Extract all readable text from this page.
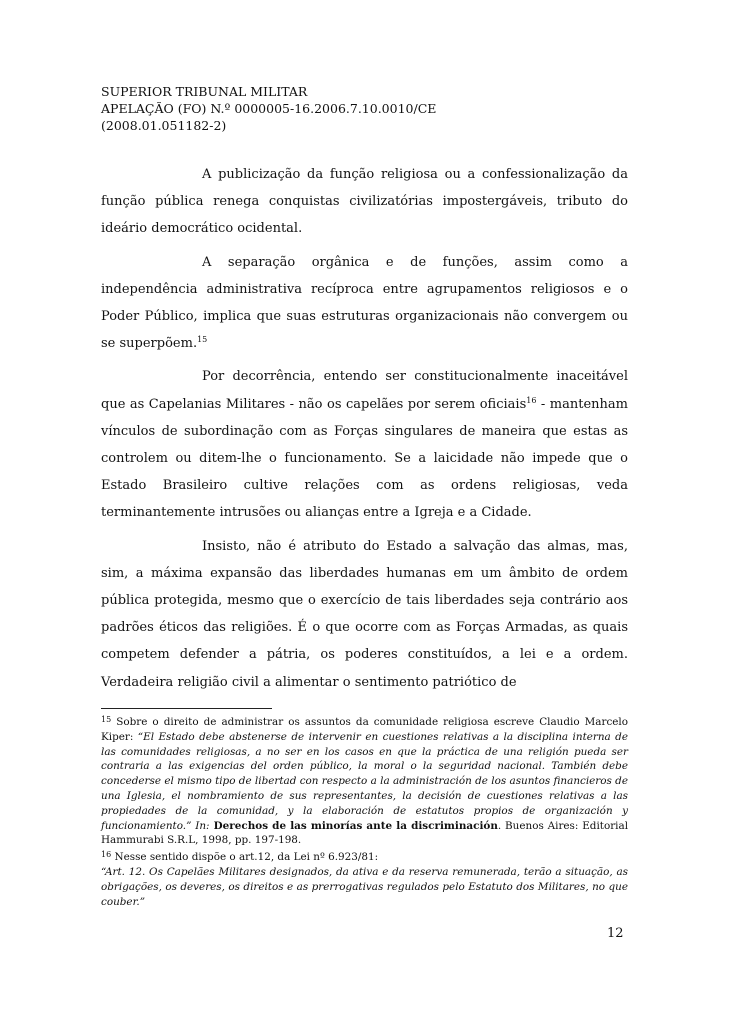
SUPERIOR TRIBUNAL MILITAR
APELAÇÃO (FO) N.º 0000005-16.2006.7.10.0010/CE
(2008.01.051182-2)

A publicização da função religiosa ou a confessionalização da função pública renega conquistas civilizatórias impostergáveis, tributo do ideário democrático ocidental.

A separação orgânica e de funções, assim como a independência administrativa recíproca entre agrupamentos religiosos e o Poder Público, implica que suas estruturas organizacionais não convergem ou se superpõem.$^{15}$

Por decorrência, entendo ser constitucionalmente inaceitável que as Capelanias Militares - não os capelães por serem oficiais$^{16}$ - mantenham vínculos de subordinação com as Forças singulares de maneira que estas as controlem ou ditem-lhe o funcionamento. Se a laicidade não impede que o Estado Brasileiro cultive relações com as ordens religiosas, veda terminantemente intrusões ou alianças entre a Igreja e a Cidade.

Insisto, não é atributo do Estado a salvação das almas, mas, sim, a máxima expansão das liberdades humanas em um âmbito de ordem pública protegida, mesmo que o exercício de tais liberdades seja contrário aos padrões éticos das religiões. É o que ocorre com as Forças Armadas, as quais competem defender a pátria, os poderes constituídos, a lei e a ordem. Verdadeira religião civil a alimentar o sentimento patriótico de

$^{15}$ Sobre o direito de administrar os assuntos da comunidade religiosa escreve Claudio Marcelo Kiper: “El Estado debe abstenerse de intervenir en cuestiones relativas a la disciplina interna de las comunidades religiosas, a no ser en los casos en que la práctica de una religión pueda ser contraria a las exigencias del orden público, la moral o la seguridad nacional. También debe concederse el mismo tipo de libertad con respecto a la administración de los asuntos financieros de una Iglesia, el nombramiento de sus representantes, la decisión de cuestiones relativas a las propiedades de la comunidad, y la elaboración de estatutos propios de organización y funcionamiento.” In: Derechos de las minorías ante la discriminación. Buenos Aires: Editorial Hammurabi S.R.L, 1998, pp. 197-198.

$^{16}$ Nesse sentido dispõe o art.12, da Lei nº 6.923/81:

“Art. 12. Os Capelães Militares designados, da ativa e da reserva remunerada, terão a situação, as obrigações, os deveres, os direitos e as prerrogativas regulados pelo Estatuto dos Militares, no que couber.”

12
